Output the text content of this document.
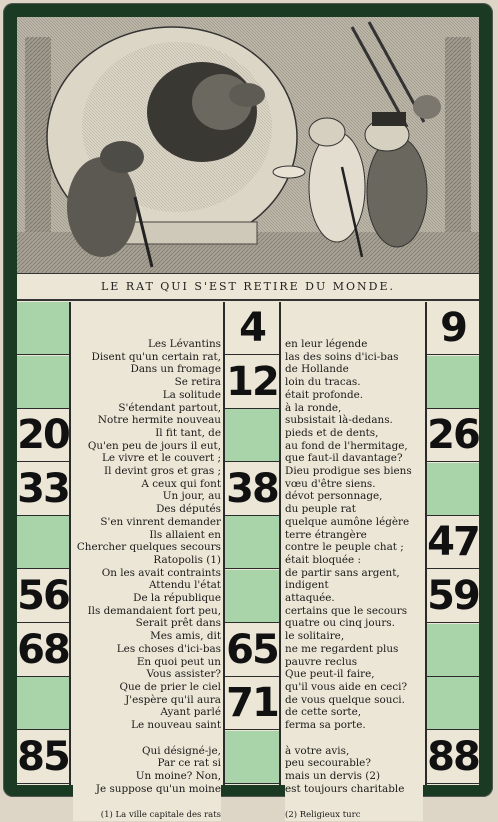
LE RAT QUI S'EST RETIRE DU MONDE.
20
33
56
68
85
Les Lévantins
Disent qu'un certain rat,
Dans un fromage
Se retira
La solitude
S'étendant partout,
Notre hermite nouveau
Il fit tant, de
Qu'en peu de jours il eut,
Le vivre et le couvert ;
Il devint gros et gras ;
A ceux qui font
Un jour, au
Des députés
S'en vinrent demander
Ils allaient en
Chercher quelques secours
Ratopolis (1)
On les avait contraints
Attendu l'état
De la république
Ils demandaient fort peu,
Serait prêt dans
Mes amis, dit
Les choses d'ici-bas
En quoi peut un
Vous assister?
Que de prier le ciel
J'espère qu'il aura
Ayant parlé
Le nouveau saint

Qui désigné-je,
Par ce rat si
Un moine? Non,
Je suppose qu'un moine
(1) La ville capitale des rats
4
12
38
65
71
en leur légende
las des soins d'ici-bas
de Hollande
loin du tracas.
était profonde.
à la ronde,
subsistait là-dedans.
pieds et de dents,
au fond de l'hermitage,
que faut-il davantage?
Dieu prodigue ses biens
vœu d'être siens.
dévot personnage,
du peuple rat
quelque aumône légère
terre étrangère
contre le peuple chat ;
était bloquée :
de partir sans argent,
indigent
attaquée.
certains que le secours
quatre ou cinq jours.
le solitaire,
ne me regardent plus
pauvre reclus
Que peut-il faire,
qu'il vous aide en ceci?
de vous quelque souci.
de cette sorte,
ferma sa porte.

à votre avis,
peu secourable?
mais un dervis (2)
est toujours charitable
(2) Religieux turc
9
26
47
59
88
